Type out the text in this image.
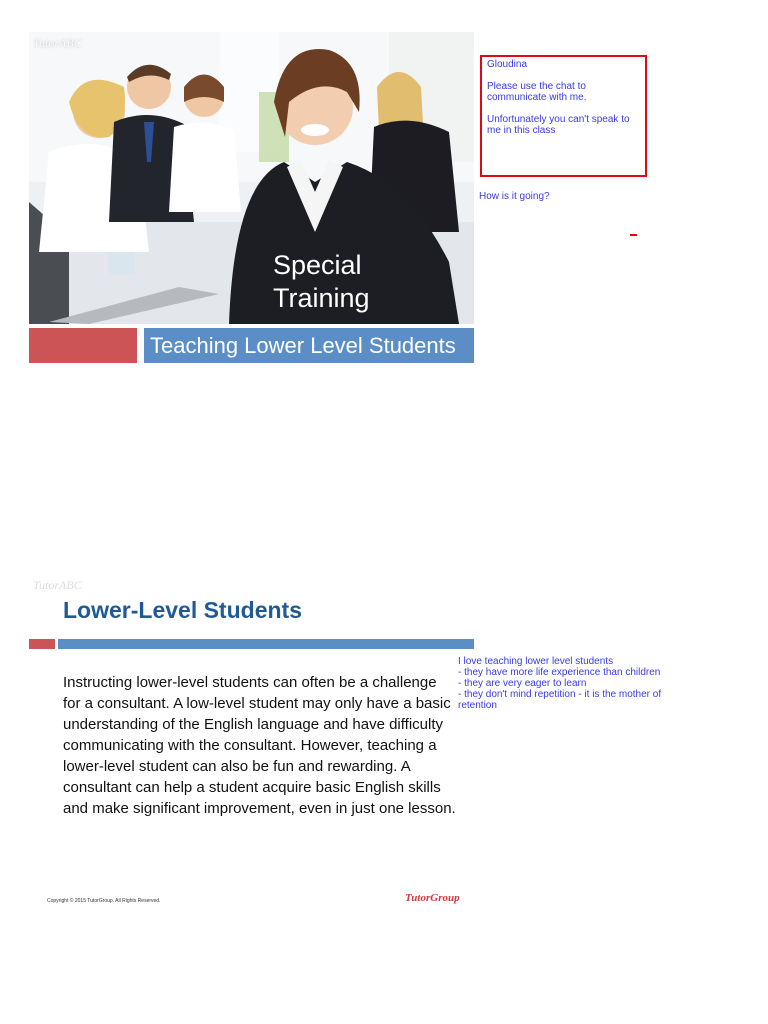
TutorABC
Special
Training
Teaching Lower Level Students

Gloudina

Please use the chat to communicate with me.

Unfortunately you can't speak to me in this class

How is it going?
TutorABC
Lower-Level Students
Instructing lower-level students can often be a challenge for a consultant. A low-level student may only have a basic understanding of the English language and have difficulty communicating with the consultant. However, teaching a lower-level student can also be fun and rewarding. A consultant can help a student acquire basic English skills and make significant improvement, even in just one lesson.
I love teaching lower level students
- they have more life experience than children
- they are very eager to learn
- they don't mind repetition - it is the mother of
retention
Copyright © 2015 TutorGroup. All Rights Reserved.	TutorGroup
